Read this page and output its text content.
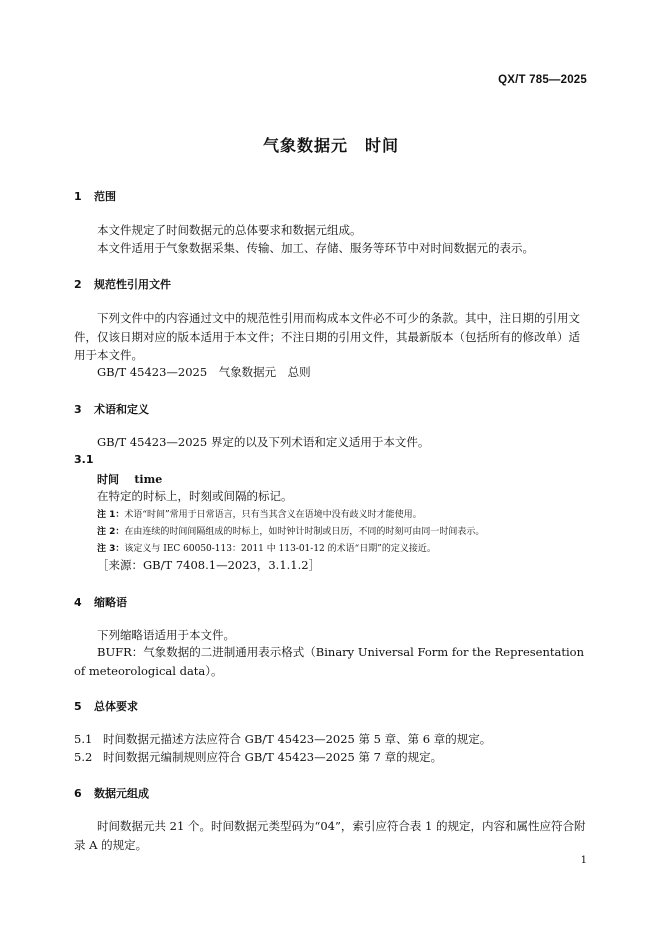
QX/T 785—2025
气象数据元　时间
1 范围
本文件规定了时间数据元的总体要求和数据元组成。
本文件适用于气象数据采集、传输、加工、存储、服务等环节中对时间数据元的表示。
2 规范性引用文件
下列文件中的内容通过文中的规范性引用而构成本文件必不可少的条款。其中，注日期的引用文件，仅该日期对应的版本适用于本文件；不注日期的引用文件，其最新版本（包括所有的修改单）适用于本文件。
GB/T 45423—2025　气象数据元　总则
3 术语和定义
GB/T 45423—2025 界定的以及下列术语和定义适用于本文件。
3.1
时间 time
在特定的时标上，时刻或间隔的标记。
注 1：术语“时间”常用于日常语言，只有当其含义在语境中没有歧义时才能使用。
注 2：在由连续的时间间隔组成的时标上，如时钟计时制或日历，不同的时刻可由同一时间表示。
注 3：该定义与 IEC 60050-113：2011 中 113-01-12 的术语“日期”的定义接近。
［来源：GB/T 7408.1—2023，3.1.1.2］
4 缩略语
下列缩略语适用于本文件。
BUFR：气象数据的二进制通用表示格式（Binary Universal Form for the Representation of meteorological data）。
5 总体要求
5.1 时间数据元描述方法应符合 GB/T 45423—2025 第 5 章、第 6 章的规定。
5.2 时间数据元编制规则应符合 GB/T 45423—2025 第 7 章的规定。
6 数据元组成
时间数据元共 21 个。时间数据元类型码为“04”，索引应符合表 1 的规定，内容和属性应符合附录 A 的规定。
1
